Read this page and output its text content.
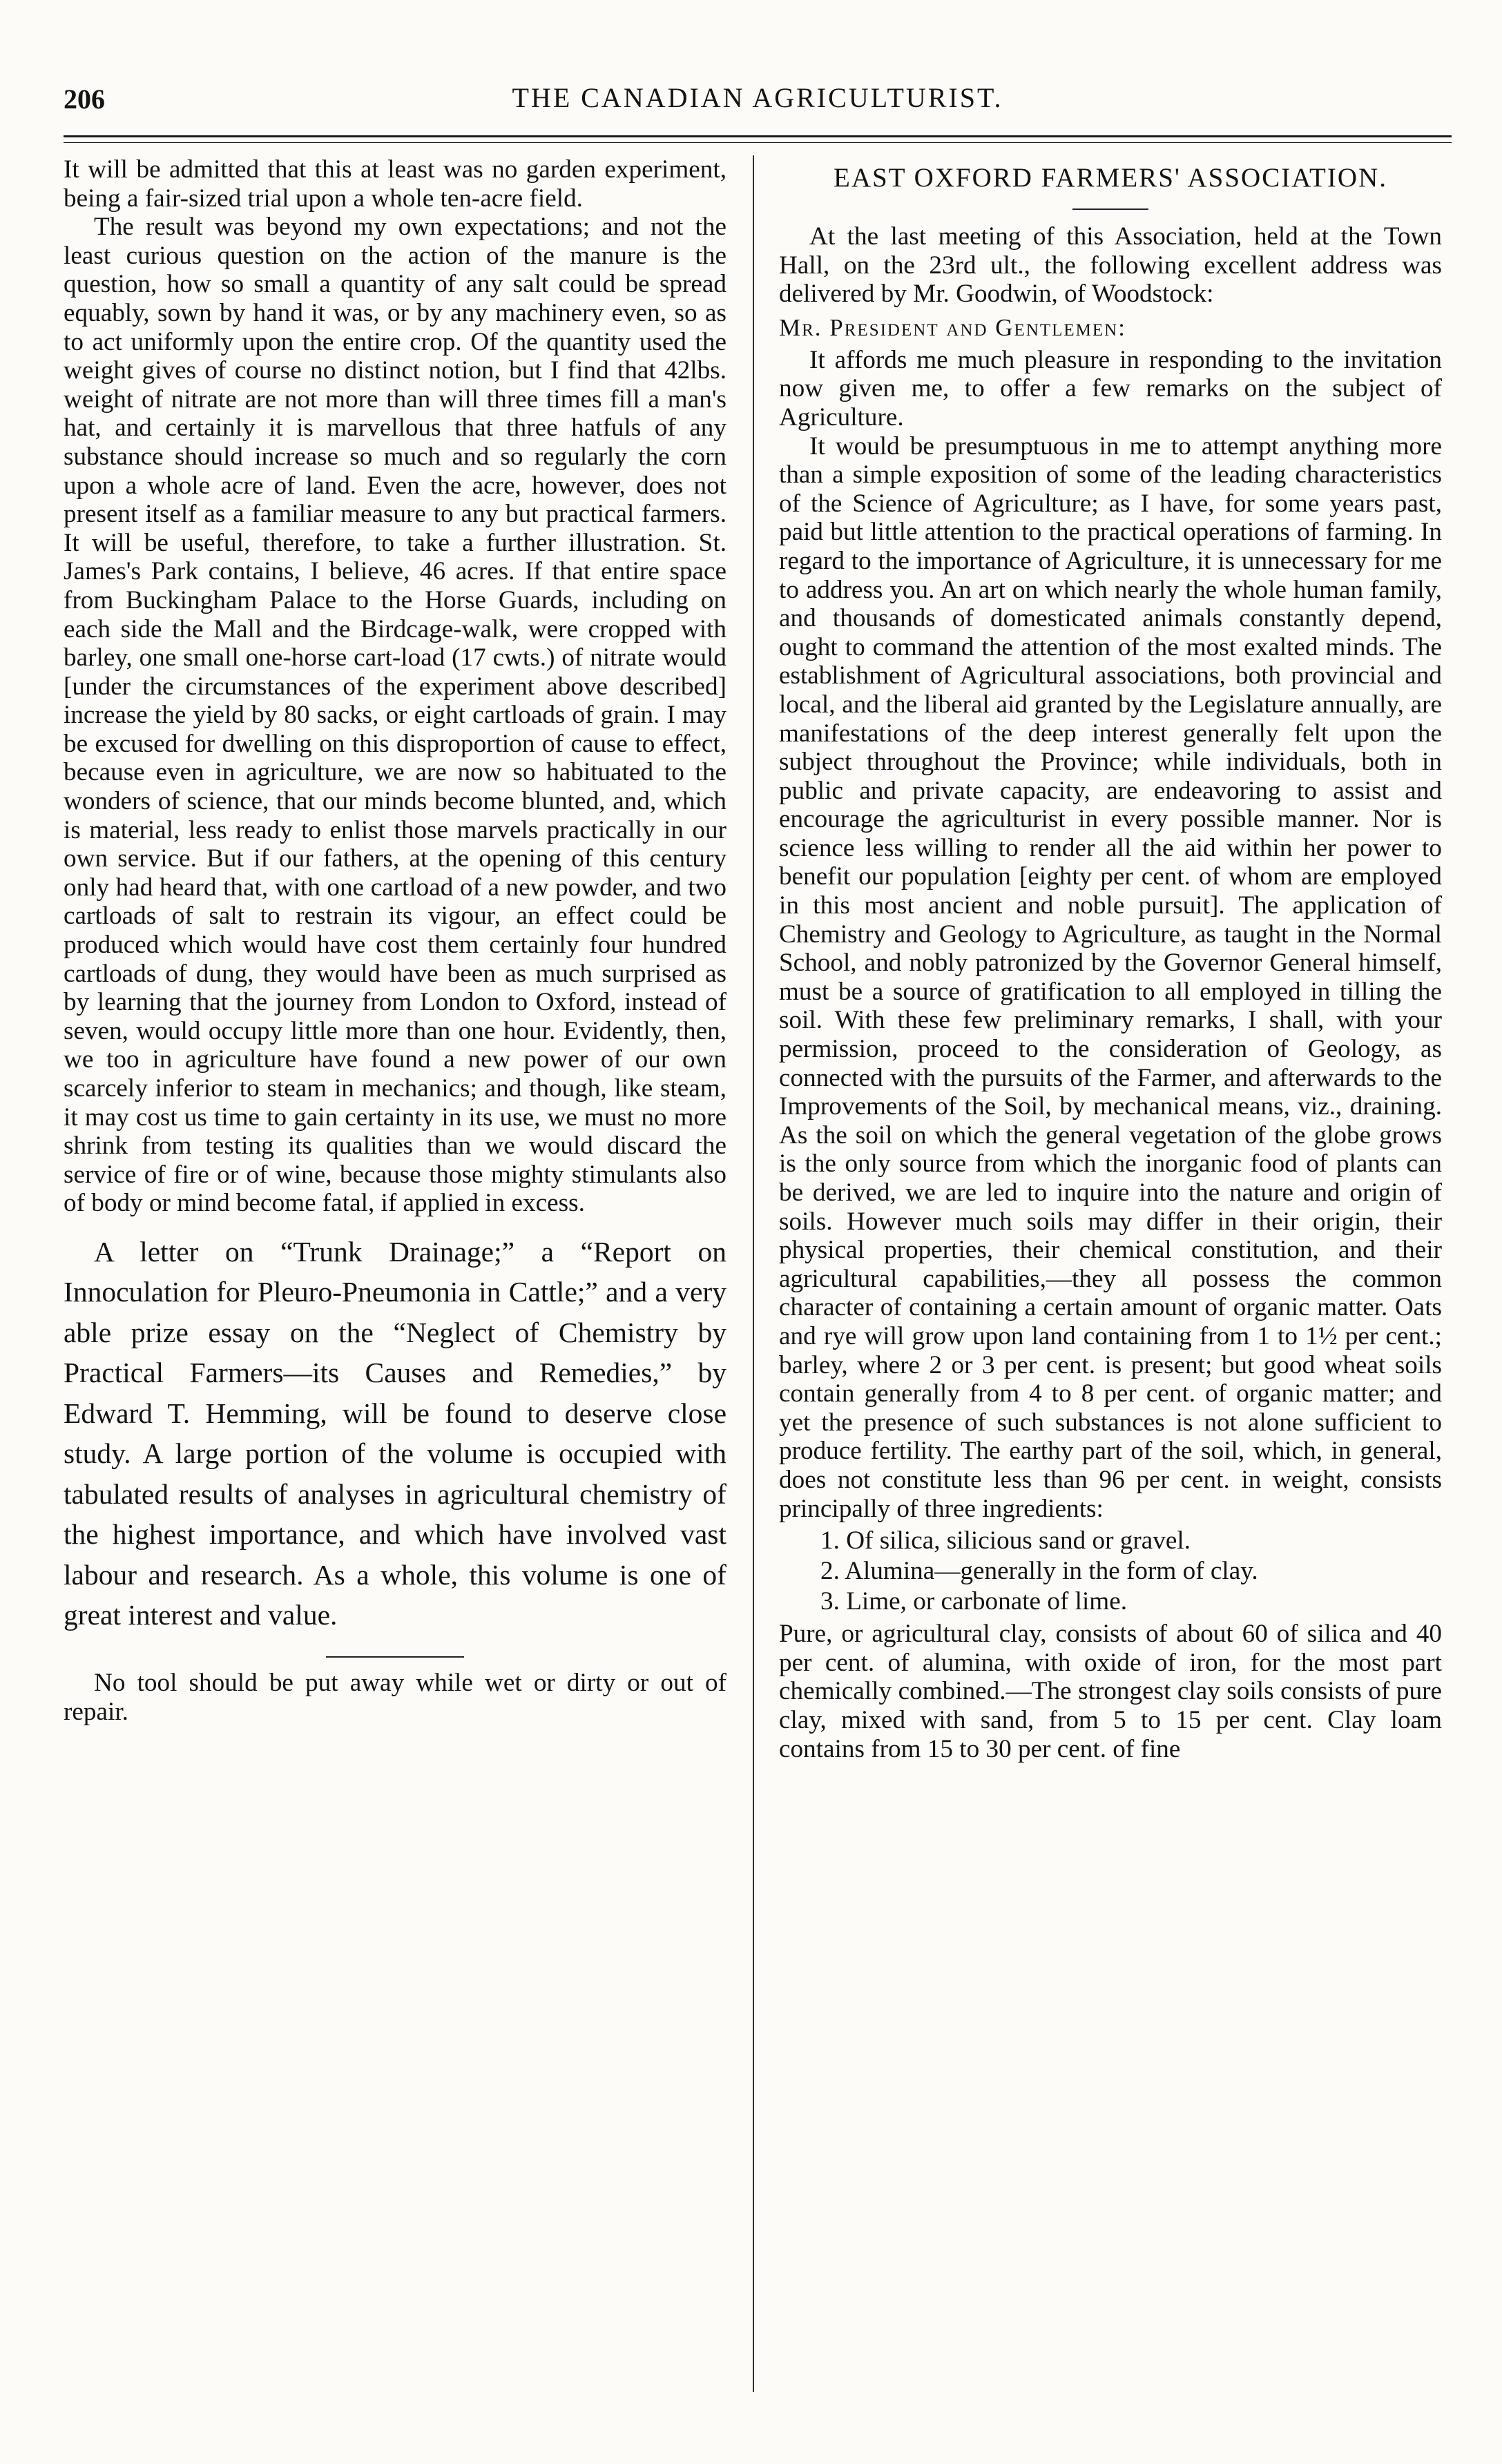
206	THE CANADIAN AGRICULTURIST.

It will be admitted that this at least was no garden experiment, being a fair-sized trial upon a whole ten-acre field.

The result was beyond my own expectations; and not the least curious question on the action of the manure is the question, how so small a quantity of any salt could be spread equably, sown by hand it was, or by any machinery even, so as to act uniformly upon the entire crop. Of the quantity used the weight gives of course no distinct notion, but I find that 42lbs. weight of nitrate are not more than will three times fill a man's hat, and certainly it is marvellous that three hatfuls of any substance should increase so much and so regularly the corn upon a whole acre of land. Even the acre, however, does not present itself as a familiar measure to any but practical farmers. It will be useful, therefore, to take a further illustration. St. James's Park contains, I believe, 46 acres. If that entire space from Buckingham Palace to the Horse Guards, including on each side the Mall and the Birdcage-walk, were cropped with barley, one small one-horse cart-load (17 cwts.) of nitrate would [under the circumstances of the experiment above described] increase the yield by 80 sacks, or eight cartloads of grain. I may be excused for dwelling on this disproportion of cause to effect, because even in agriculture, we are now so habituated to the wonders of science, that our minds become blunted, and, which is material, less ready to enlist those marvels practically in our own service. But if our fathers, at the opening of this century only had heard that, with one cartload of a new powder, and two cartloads of salt to restrain its vigour, an effect could be produced which would have cost them certainly four hundred cartloads of dung, they would have been as much surprised as by learning that the journey from London to Oxford, instead of seven, would occupy little more than one hour. Evidently, then, we too in agriculture have found a new power of our own scarcely inferior to steam in mechanics; and though, like steam, it may cost us time to gain certainty in its use, we must no more shrink from testing its qualities than we would discard the service of fire or of wine, because those mighty stimulants also of body or mind become fatal, if applied in excess.

A letter on “Trunk Drainage;” a “Report on Innoculation for Pleuro-Pneumonia in Cattle;” and a very able prize essay on the “Neglect of Chemistry by Practical Farmers—its Causes and Remedies,” by Edward T. Hemming, will be found to deserve close study. A large portion of the volume is occupied with tabulated results of analyses in agricultural chemistry of the highest importance, and which have involved vast labour and research. As a whole, this volume is one of great interest and value.

No tool should be put away while wet or dirty or out of repair.

EAST OXFORD FARMERS' ASSOCIATION.

At the last meeting of this Association, held at the Town Hall, on the 23rd ult., the following excellent address was delivered by Mr. Goodwin, of Woodstock:

Mr. President and Gentlemen:

It affords me much pleasure in responding to the invitation now given me, to offer a few remarks on the subject of Agriculture.

It would be presumptuous in me to attempt anything more than a simple exposition of some of the leading characteristics of the Science of Agriculture; as I have, for some years past, paid but little attention to the practical operations of farming. In regard to the importance of Agriculture, it is unnecessary for me to address you. An art on which nearly the whole human family, and thousands of domesticated animals constantly depend, ought to command the attention of the most exalted minds. The establishment of Agricultural associations, both provincial and local, and the liberal aid granted by the Legislature annually, are manifestations of the deep interest generally felt upon the subject throughout the Province; while individuals, both in public and private capacity, are endeavoring to assist and encourage the agriculturist in every possible manner. Nor is science less willing to render all the aid within her power to benefit our population [eighty per cent. of whom are employed in this most ancient and noble pursuit]. The application of Chemistry and Geology to Agriculture, as taught in the Normal School, and nobly patronized by the Governor General himself, must be a source of gratification to all employed in tilling the soil. With these few preliminary remarks, I shall, with your permission, proceed to the consideration of Geology, as connected with the pursuits of the Farmer, and afterwards to the Improvements of the Soil, by mechanical means, viz., draining. As the soil on which the general vegetation of the globe grows is the only source from which the inorganic food of plants can be derived, we are led to inquire into the nature and origin of soils. However much soils may differ in their origin, their physical properties, their chemical constitution, and their agricultural capabilities,—they all possess the common character of containing a certain amount of organic matter. Oats and rye will grow upon land containing from 1 to 1½ per cent.; barley, where 2 or 3 per cent. is present; but good wheat soils contain generally from 4 to 8 per cent. of organic matter; and yet the presence of such substances is not alone sufficient to produce fertility. The earthy part of the soil, which, in general, does not constitute less than 96 per cent. in weight, consists principally of three ingredients:

1. Of silica, silicious sand or gravel.
2. Alumina—generally in the form of clay.
3. Lime, or carbonate of lime.

Pure, or agricultural clay, consists of about 60 of silica and 40 per cent. of alumina, with oxide of iron, for the most part chemically combined.—The strongest clay soils consists of pure clay, mixed with sand, from 5 to 15 per cent. Clay loam contains from 15 to 30 per cent. of fine
